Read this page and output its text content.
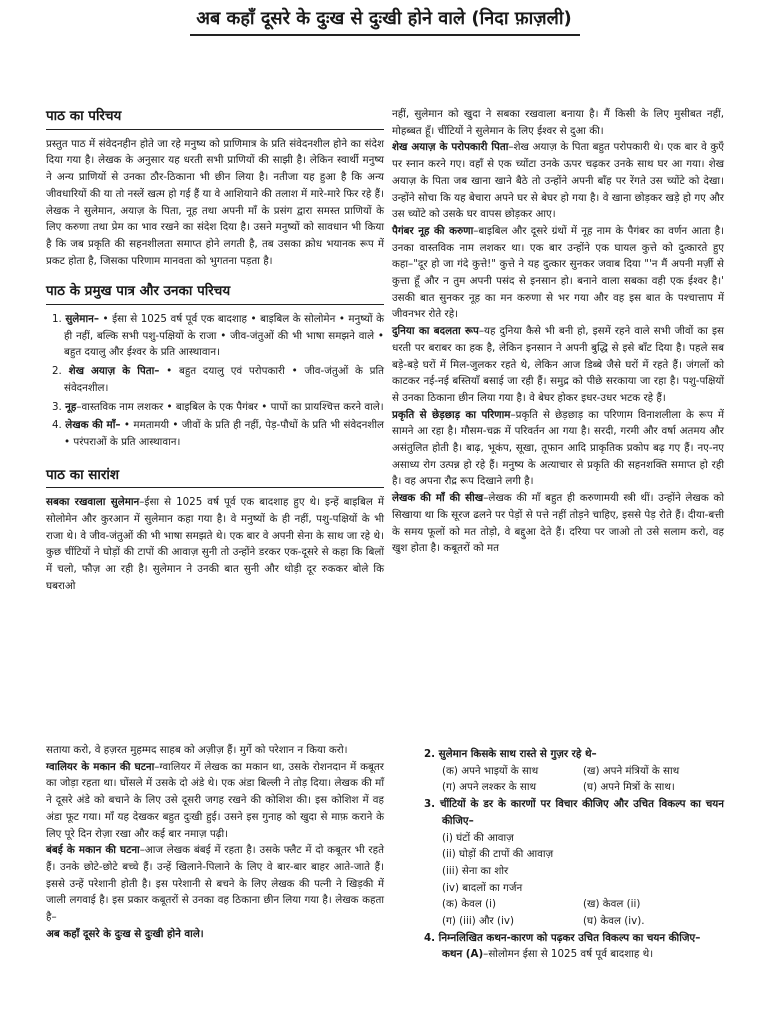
अब कहाँ दूसरे के दुःख से दुःखी होने वाले (निदा फ़ाज़ली)

पाठ का परिचय

प्रस्तुत पाठ में संवेदनहीन होते जा रहे मनुष्य को प्राणिमात्र के प्रति संवेदनशील होने का संदेश दिया गया है। लेखक के अनुसार यह धरती सभी प्राणियों की साझी है। लेकिन स्वार्थी मनुष्य ने अन्य प्राणियों से उनका ठौर-ठिकाना भी छीन लिया है। नतीजा यह हुआ है कि अन्य जीवधारियों की या तो नस्लें खत्म हो गई हैं या वे आशियाने की तलाश में मारे-मारे फिर रहे हैं। लेखक ने सुलेमान, अयाज़ के पिता, नूह तथा अपनी माँ के प्रसंग द्वारा समस्त प्राणियों के लिए करुणा तथा प्रेम का भाव रखने का संदेश दिया है। उसने मनुष्यों को सावधान भी किया है कि जब प्रकृति की सहनशीलता समाप्त होने लगती है, तब उसका क्रोध भयानक रूप में प्रकट होता है, जिसका परिणाम मानवता को भुगतना पड़ता है।

पाठ के प्रमुख पात्र और उनका परिचय

1. सुलेमान– • ईसा से 1025 वर्ष पूर्व एक बादशाह • बाइबिल के सोलोमेन • मनुष्यों के ही नहीं, बल्कि सभी पशु-पक्षियों के राजा • जीव-जंतुओं की भी भाषा समझने वाले • बहुत दयालु और ईश्वर के प्रति आस्थावान।
2. शेख अयाज़ के पिता– • बहुत दयालु एवं परोपकारी • जीव-जंतुओं के प्रति संवेदनशील।
3. नूह–वास्तविक नाम लशकर • बाइबिल के एक पैगंबर • पापों का प्रायश्चित्त करने वाले।
4. लेखक की माँ– • ममतामयी • जीवों के प्रति ही नहीं, पेड़-पौधों के प्रति भी संवेदनशील • परंपराओं के प्रति आस्थावान।

पाठ का सारांश

सबका रखवाला सुलेमान–ईसा से 1025 वर्ष पूर्व एक बादशाह हुए थे। इन्हें बाइबिल में सोलोमेन और कुरआन में सुलेमान कहा गया है। वे मनुष्यों के ही नहीं, पशु-पक्षियों के भी राजा थे। वे जीव-जंतुओं की भी भाषा समझते थे। एक बार वे अपनी सेना के साथ जा रहे थे। कुछ चींटियों ने घोड़ों की टापों की आवाज़ सुनी तो उन्होंने डरकर एक-दूसरे से कहा कि बिलों में चलो, फौज़ आ रही है। सुलेमान ने उनकी बात सुनी और थोड़ी दूर रुककर बोले कि घबराओ

नहीं, सुलेमान को खुदा ने सबका रखवाला बनाया है। मैं किसी के लिए मुसीबत नहीं, मोहब्बत हूँ। चींटियों ने सुलेमान के लिए ईश्वर से दुआ की।

शेख अयाज़ के परोपकारी पिता–शेख अयाज़ के पिता बहुत परोपकारी थे। एक बार वे कुएँ पर स्नान करने गए। वहाँ से एक च्योंटा उनके ऊपर चढ़कर उनके साथ घर आ गया। शेख अयाज़ के पिता जब खाना खाने बैठे तो उन्होंने अपनी बाँह पर रेंगते उस च्योंटे को देखा। उन्होंने सोचा कि यह बेचारा अपने घर से बेघर हो गया है। वे खाना छोड़कर खड़े हो गए और उस च्योंटे को उसके घर वापस छोड़कर आए।

पैगंबर नूह की करुणा–बाइबिल और दूसरे ग्रंथों में नूह नाम के पैगंबर का वर्णन आता है। उनका वास्तविक नाम लशकर था। एक बार उन्होंने एक घायल कुत्ते को दुत्कारते हुए कहा–"दूर हो जा गंदे कुत्ते!" कुत्ते ने यह दुत्कार सुनकर जवाब दिया "'न मैं अपनी मर्ज़ी से कुत्ता हूँ और न तुम अपनी पसंद से इनसान हो। बनाने वाला सबका वही एक ईश्वर है।' उसकी बात सुनकर नूह का मन करुणा से भर गया और वह इस बात के पश्चात्ताप में जीवनभर रोते रहे।

दुनिया का बदलता रूप–यह दुनिया कैसे भी बनी हो, इसमें रहने वाले सभी जीवों का इस धरती पर बराबर का हक है, लेकिन इनसान ने अपनी बुद्धि से इसे बाँट दिया है। पहले सब बड़े-बड़े घरों में मिल-जुलकर रहते थे, लेकिन आज डिब्बे जैसे घरों में रहते हैं। जंगलों को काटकर नई-नई बस्तियाँ बसाई जा रही हैं। समुद्र को पीछे सरकाया जा रहा है। पशु-पक्षियों से उनका ठिकाना छीन लिया गया है। वे बेघर होकर इधर-उधर भटक रहे हैं।

प्रकृति से छेड़छाड़ का परिणाम–प्रकृति से छेड़छाड़ का परिणाम विनाशलीला के रूप में सामने आ रहा है। मौसम-चक्र में परिवर्तन आ गया है। सरदी, गरमी और वर्षा अतमय और असंतुलित होती है। बाढ़, भूकंप, सूखा, तूफान आदि प्राकृतिक प्रकोप बढ़ गए हैं। नए-नए असाध्य रोग उत्पन्न हो रहे हैं। मनुष्य के अत्याचार से प्रकृति की सहनशक्ति समाप्त हो रही है। वह अपना रौद्र रूप दिखाने लगी है।

लेखक की माँ की सीख–लेखक की माँ बहुत ही करुणामयी स्त्री थीं। उन्होंने लेखक को सिखाया था कि सूरज ढलने पर पेड़ों से पत्ते नहीं तोड़ने चाहिए, इससे पेड़ रोते हैं। दीया-बत्ती के समय फूलों को मत तोड़ो, वे बद्दुआ देते हैं। दरिया पर जाओ तो उसे सलाम करो, वह खुश होता है। कबूतरों को मत

सताया करो, वे हज़रत मुहम्मद साहब को अज़ीज़ हैं। मुर्गे को परेशान न किया करो।

ग्वालियर के मकान की घटना–ग्वालियर में लेखक का मकान था, उसके रोशनदान में कबूतर का जोड़ा रहता था। घोंसले में उसके दो अंडे थे। एक अंडा बिल्ली ने तोड़ दिया। लेखक की माँ ने दूसरे अंडे को बचाने के लिए उसे दूसरी जगह रखने की कोशिश की। इस कोशिश में वह अंडा फूट गया। माँ यह देखकर बहुत दुःखी हुई। उसने इस गुनाह को खुदा से माफ़ कराने के लिए पूरे दिन रोज़ा रखा और कई बार नमाज़ पढ़ी।

बंबई के मकान की घटना–आज लेखक बंबई में रहता है। उसके फ्लैट में दो कबूतर भी रहते हैं। उनके छोटे-छोटे बच्चे हैं। उन्हें खिलाने-पिलाने के लिए वे बार-बार बाहर आते-जाते हैं। इससे उन्हें परेशानी होती है। इस परेशानी से बचने के लिए लेखक की पत्नी ने खिड़की में जाली लगवाई है। इस प्रकार कबूतरों से उनका वह ठिकाना छीन लिया गया है। लेखक कहता है–

अब कहाँ दूसरे के दुःख से दुःखी होने वाले।

2. सुलेमान किसके साथ रास्ते से गुज़र रहे थे–

(क) अपने भाइयों के साथ	(ख) अपने मंत्रियों के साथ
(ग) अपने लश्कर के साथ	(घ) अपने मित्रों के साथ।

3. चींटियों के डर के कारणों पर विचार कीजिए और उचित विकल्प का चयन कीजिए–

(i) घंटों की आवाज़
(ii) घोड़ों की टापों की आवाज़
(iii) सेना का शोर
(iv) बादलों का गर्जन
(क) केवल (i)	(ख) केवल (ii)
(ग) (iii) और (iv)	(घ) केवल (iv).

4. निम्नलिखित कथन-कारण को पढ़कर उचित विकल्प का चयन कीजिए–

कथन (A)–सोलोमन ईसा से 1025 वर्ष पूर्व बादशाह थे।
